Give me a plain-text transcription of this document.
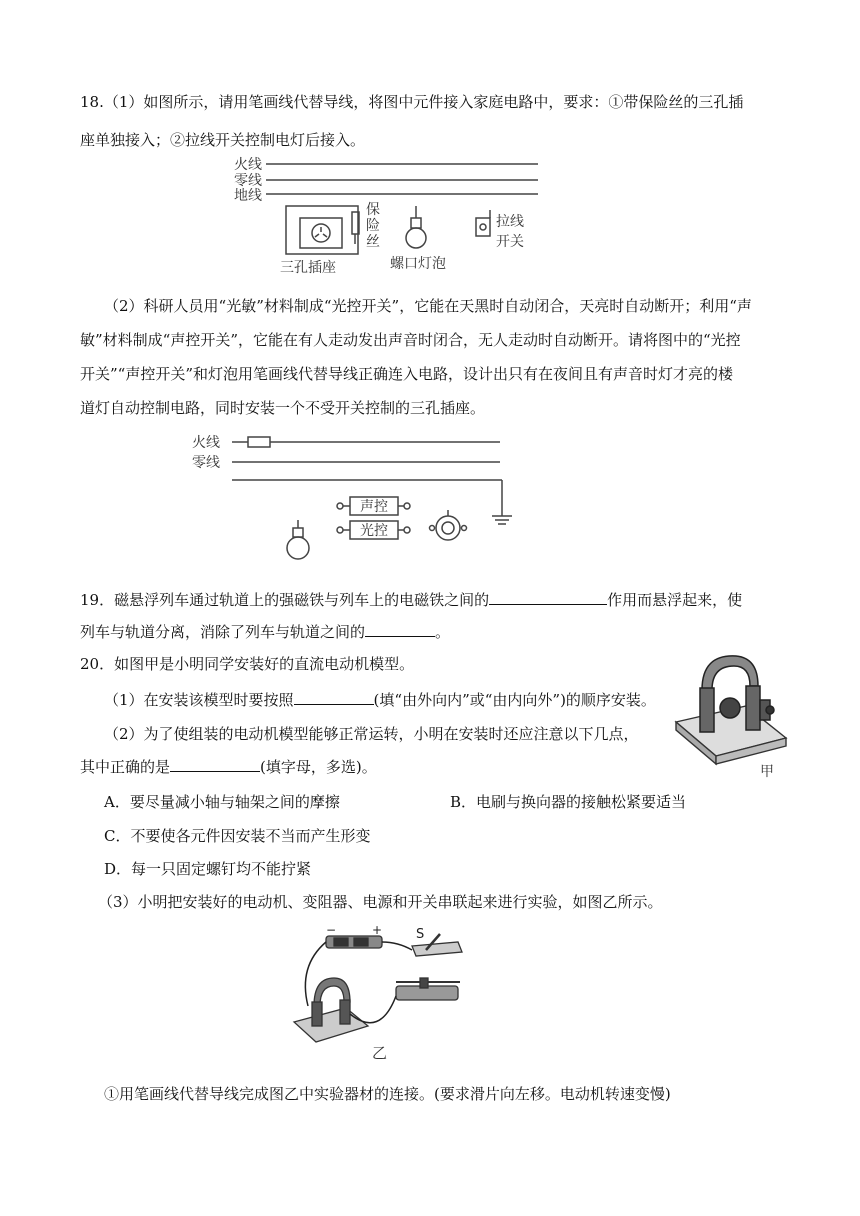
18.（1）如图所示，请用笔画线代替导线，将图中元件接入家庭电路中，要求：①带保险丝的三孔插
座单独接入；②拉线开关控制电灯后接入。
火线
零线
地线
三孔插座	螺口灯泡
保
险
丝
拉线
开关
（2）科研人员用“光敏”材料制成“光控开关”，它能在天黑时自动闭合，天亮时自动断开；利用“声
敏”材料制成“声控开关”，它能在有人走动发出声音时闭合，无人走动时自动断开。请将图中的“光控
开关”“声控开关”和灯泡用笔画线代替导线正确连入电路，设计出只有在夜间且有声音时灯才亮的楼
道灯自动控制电路，同时安装一个不受开关控制的三孔插座。
火线
零线
声控
光控
19．磁悬浮列车通过轨道上的强磁铁与列车上的电磁铁之间的	作用而悬浮起来，使
列车与轨道分离，消除了列车与轨道之间的	。
20．如图甲是小明同学安装好的直流电动机模型。
（1）在安装该模型时要按照	(填“由外向内”或“由内向外”)的顺序安装。
（2）为了使组装的电动机模型能够正常运转，小明在安装时还应注意以下几点，
其中正确的是	(填字母，多选)。
A．要尽量减小轴与轴架之间的摩擦	B．电刷与换向器的接触松紧要适当
C．不要使各元件因安装不当而产生形变
D．每一只固定螺钉均不能拧紧
（3）小明把安装好的电动机、变阻器、电源和开关串联起来进行实验，如图乙所示。
甲
−	+	S
乙
①用笔画线代替导线完成图乙中实验器材的连接。(要求滑片向左移。电动机转速变慢)
